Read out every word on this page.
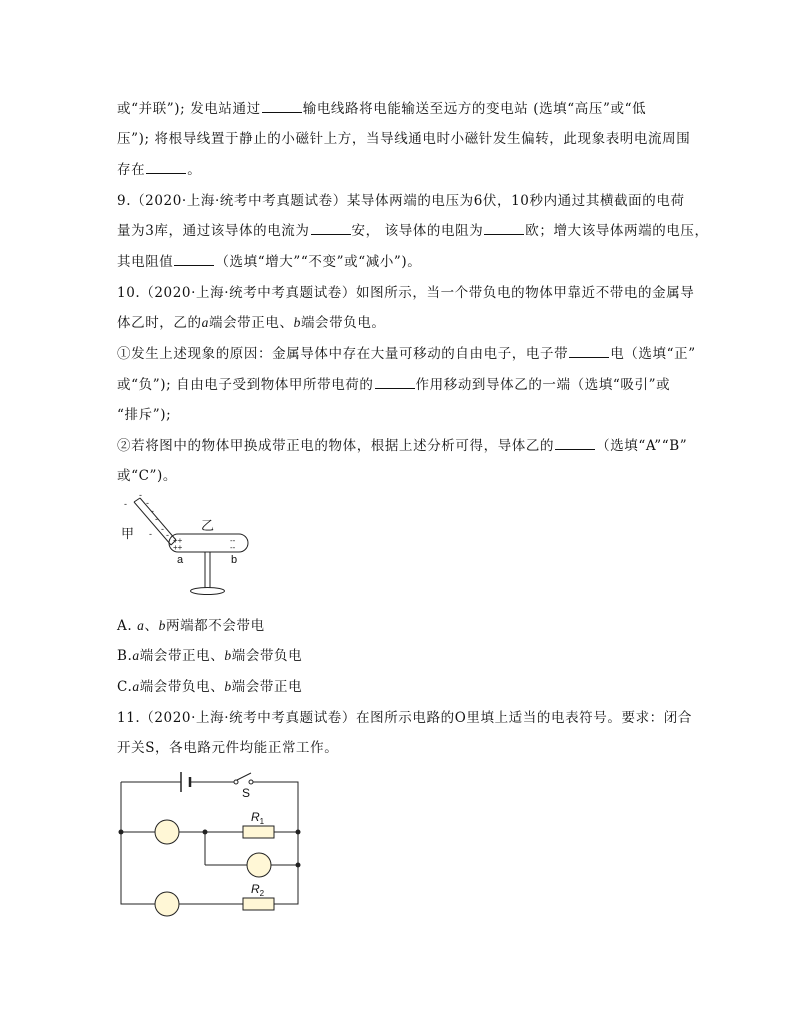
或“并联”); 发电站通过	输电线路将电能输送至远方的变电站 (选填“高压”或“低
压”); 将根导线置于静止的小磁针上方，当导线通电时小磁针发生偏转，此现象表明电流周围
存在	。
9.（2020·上海·统考中考真题试卷）某导体两端的电压为6伏，10秒内通过其横截面的电荷
量为3库，通过该导体的电流为	安， 该导体的电阻为	欧；增大该导体两端的电压，
其电阻值	（选填“增大”“不变”或“减小”)。
10.（2020·上海·统考中考真题试卷）如图所示，当一个带负电的物体甲靠近不带电的金属导
体乙时，乙的a端会带正电、b端会带负电。
①发生上述现象的原因：金属导体中存在大量可移动的自由电子，电子带	电（选填“正”
或“负”); 自由电子受到物体甲所带电荷的	作用移动到导体乙的一端（选填“吸引”或
“排斥”);
②若将图中的物体甲换成带正电的物体，根据上述分析可得，导体乙的	（选填“A”“B”
或“C”)。
-
- -
-
-
- -
-
甲	++
++
--
--
乙
a	b
A. a、b两端都不会带电
B.a端会带正电、b端会带负电
C.a端会带负电、b端会带正电
11.（2020·上海·统考中考真题试卷）在图所示电路的O里填上适当的电表符号。要求：闭合
开关S，各电路元件均能正常工作。
S
$R_1$
$R_2$
